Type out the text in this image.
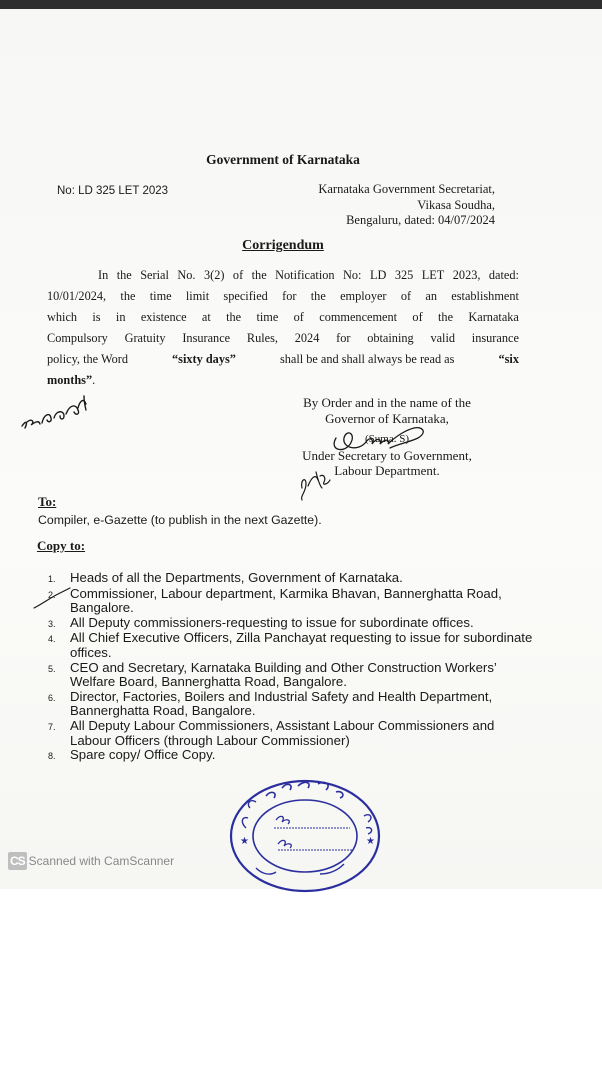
Government of Karnataka
No: LD 325 LET 2023	Karnataka Government Secretariat,
Vikasa Soudha,
Bengaluru, dated: 04/07/2024
Corrigendum
In the Serial No. 3(2) of the Notification No: LD 325 LET 2023, dated:
10/01/2024, the time limit specified for the employer of an establishment
which is in existence at the time of commencement of the Karnataka
Compulsory Gratuity Insurance Rules, 2024 for obtaining valid insurance
policy, the Word	“sixty days”	shall be and shall always be read as	“six
months” .
By Order and in the name of the
Governor of Karnataka,
(Suma. S)
Under Secretary to Government,
Labour Department.
To:
Compiler, e-Gazette (to publish in the next Gazette).
Copy to:
1.	Heads of all the Departments, Government of Karnataka.
2.	Commissioner, Labour department, Karmika Bhavan, Bannerghatta Road, Bangalore.
3.	All Deputy commissioners-requesting to issue for subordinate offices.
4.	All Chief Executive Officers, Zilla Panchayat requesting to issue for subordinate offices.
5.	CEO and Secretary, Karnataka Building and Other Construction Workers’ Welfare Board, Bannerghatta Road, Bangalore.
6.	Director, Factories, Boilers and Industrial Safety and Health Department, Bannerghatta Road, Bangalore.
7.	All Deputy Labour Commissioners, Assistant Labour Commissioners and Labour Officers (through Labour Commissioner)
8.	Spare copy/ Office Copy.
★	★
CS Scanned with CamScanner
